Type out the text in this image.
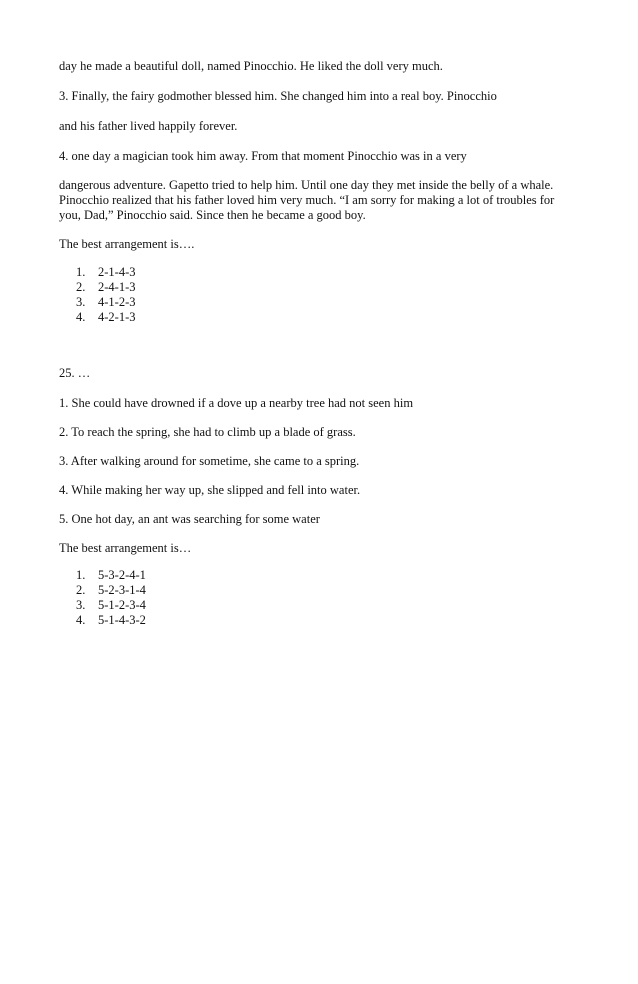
day he made a beautiful doll, named Pinocchio. He liked the doll very much.
3. Finally, the fairy godmother blessed him. She changed him into a real boy. Pinocchio
and his father lived happily forever.
4. one day a magician took him away. From that moment Pinocchio was in a very
dangerous adventure. Gapetto tried to help him. Until one day they met inside the belly of a whale.
Pinocchio realized that his father loved him very much. “I am sorry for making a lot of troubles for
you, Dad,” Pinocchio said. Since then he became a good boy.
The best arrangement is….
1. 2-1-4-3
2. 2-4-1-3
3. 4-1-2-3
4. 4-2-1-3
25. …
1. She could have drowned if a dove up a nearby tree had not seen him
2. To reach the spring, she had to climb up a blade of grass.
3. After walking around for sometime, she came to a spring.
4. While making her way up, she slipped and fell into water.
5. One hot day, an ant was searching for some water
The best arrangement is…
1. 5-3-2-4-1
2. 5-2-3-1-4
3. 5-1-2-3-4
4. 5-1-4-3-2
